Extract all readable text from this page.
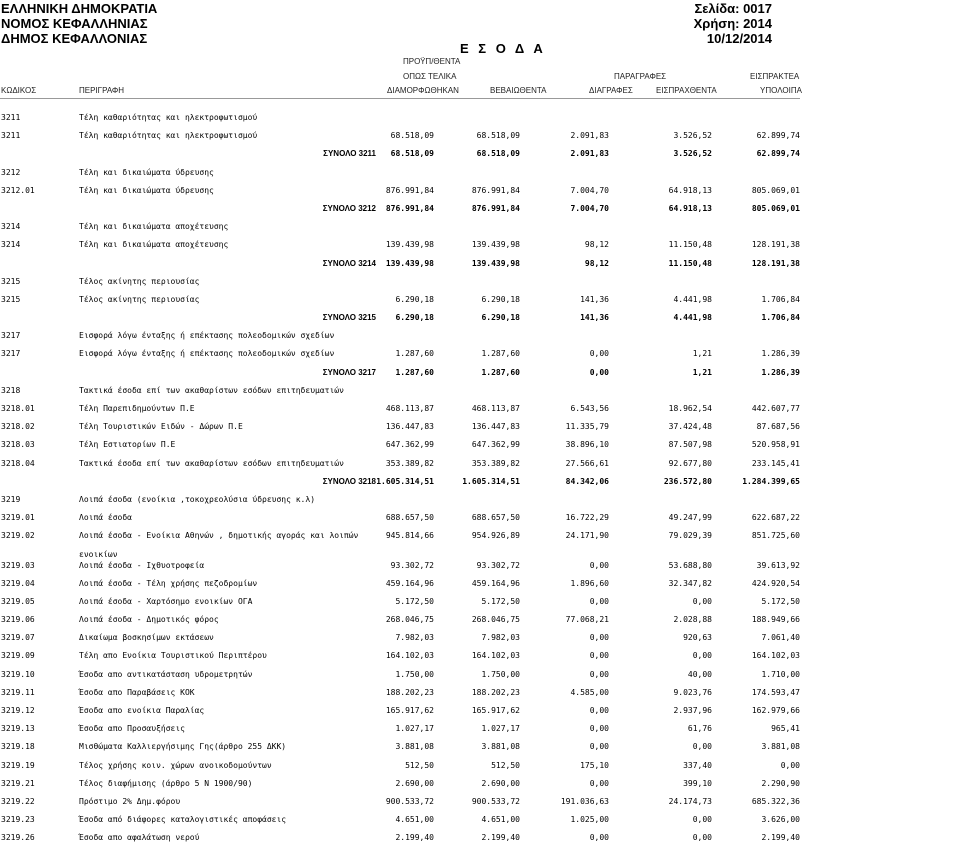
ΕΛΛΗΝΙΚΗ ΔΗΜΟΚΡΑΤΙΑ
ΝΟΜΟΣ ΚΕΦΑΛΛΗΝΙΑΣ
ΔΗΜΟΣ ΚΕΦΑΛΛΟΝΙΑΣ
Σελίδα: 0017
Χρήση: 2014
10/12/2014
Ε Σ Ο Δ Α
ΠΡΟΫΠ/ΘΕΝΤΑ
ΟΠΩΣ ΤΕΛΙΚΑ	ΠΑΡΑΓΡΑΦΕΣ	ΕΙΣΠΡΑΚΤΕΑ
ΚΩΔΙΚΟΣ	ΠΕΡΙΓΡΑΦΗ	ΔΙΑΜΟΡΦΩΘΗΚΑΝ	ΒΕΒΑΙΩΘΕΝΤΑ	ΔΙΑΓΡΑΦΕΣ	ΕΙΣΠΡΑΧΘΕΝΤΑ	ΥΠΟΛΟΙΠΑ
3211	Τέλη καθαριότητας και ηλεκτροφωτισμού
3211	Τέλη καθαριότητας και ηλεκτροφωτισμού	68.518,09	68.518,09	2.091,83	3.526,52	62.899,74
ΣΥΝΟΛΟ 3211	68.518,09	68.518,09	2.091,83	3.526,52	62.899,74
3212	Τέλη και δικαιώματα ύδρευσης
3212.01	Τέλη και δικαιώματα ύδρευσης	876.991,84	876.991,84	7.004,70	64.918,13	805.069,01
ΣΥΝΟΛΟ 3212	876.991,84	876.991,84	7.004,70	64.918,13	805.069,01
3214	Τέλη και δικαιώματα αποχέτευσης
3214	Τέλη και δικαιώματα αποχέτευσης	139.439,98	139.439,98	98,12	11.150,48	128.191,38
ΣΥΝΟΛΟ 3214	139.439,98	139.439,98	98,12	11.150,48	128.191,38
3215	Τέλος ακίνητης περιουσίας
3215	Τέλος ακίνητης περιουσίας	6.290,18	6.290,18	141,36	4.441,98	1.706,84
ΣΥΝΟΛΟ 3215	6.290,18	6.290,18	141,36	4.441,98	1.706,84
3217	Εισφορά λόγω ένταξης ή επέκτασης πολεοδομικών σχεδίων
3217	Εισφορά λόγω ένταξης ή επέκτασης πολεοδομικών σχεδίων	1.287,60	1.287,60	0,00	1,21	1.286,39
ΣΥΝΟΛΟ 3217	1.287,60	1.287,60	0,00	1,21	1.286,39
3218	Τακτικά έσοδα επί των ακαθαρίστων εσόδων επιτηδευματιών
3218.01	Τέλη Παρεπιδημούντων Π.Ε	468.113,87	468.113,87	6.543,56	18.962,54	442.607,77
3218.02	Τέλη Τουριστικών Ειδών - Δώρων Π.Ε	136.447,83	136.447,83	11.335,79	37.424,48	87.687,56
3218.03	Τέλη Εστιατορίων Π.Ε	647.362,99	647.362,99	38.896,10	87.507,98	520.958,91
3218.04	Τακτικά έσοδα επί των ακαθαρίστων εσόδων επιτηδευματιών	353.389,82	353.389,82	27.566,61	92.677,80	233.145,41
ΣΥΝΟΛΟ 3218 1.605.314,51	1.605.314,51	84.342,06	236.572,80	1.284.399,65
3219	Λοιπά έσοδα (ενοίκια ,τοκοχρεολύσια ύδρευσης κ.λ)
3219.01	Λοιπά έσοδα	688.657,50	688.657,50	16.722,29	49.247,99	622.687,22
3219.02	Λοιπά έσοδα - Ενοίκια Αθηνών , δημοτικής αγοράς και λοιπών	945.814,66	954.926,89	24.171,90	79.029,39	851.725,60
ενοικίων
3219.03	Λοιπά έσοδα - Ιχθυοτροφεία	93.302,72	93.302,72	0,00	53.688,80	39.613,92
3219.04	Λοιπά έσοδα - Τέλη χρήσης πεζοδρομίων	459.164,96	459.164,96	1.896,60	32.347,82	424.920,54
3219.05	Λοιπά έσοδα - Χαρτόσημο ενοικίων ΟΓΑ	5.172,50	5.172,50	0,00	0,00	5.172,50
3219.06	Λοιπά έσοδα - Δημοτικός φόρος	268.046,75	268.046,75	77.068,21	2.028,88	188.949,66
3219.07	Δικαίωμα βοσκησίμων εκτάσεων	7.982,03	7.982,03	0,00	920,63	7.061,40
3219.09	Τέλη απο Ενοίκια Τουριστικού Περιπτέρου	164.102,03	164.102,03	0,00	0,00	164.102,03
3219.10	Έσοδα απο αντικατάσταση υδρομετρητών	1.750,00	1.750,00	0,00	40,00	1.710,00
3219.11	Έσοδα απο Παραβάσεις ΚΟΚ	188.202,23	188.202,23	4.585,00	9.023,76	174.593,47
3219.12	Έσοδα απο ενοίκια Παραλίας	165.917,62	165.917,62	0,00	2.937,96	162.979,66
3219.13	Έσοδα απο Προσαυξήσεις	1.027,17	1.027,17	0,00	61,76	965,41
3219.18	Μισθώματα Καλλιεργήσιμης Γης(άρθρο 255 ΔΚΚ)	3.881,08	3.881,08	0,00	0,00	3.881,08
3219.19	Τέλος χρήσης κοιν. χώρων ανοικοδομούντων	512,50	512,50	175,10	337,40	0,00
3219.21	Τέλος διαφήμισης (άρθρο 5 Ν 1900/90)	2.690,00	2.690,00	0,00	399,10	2.290,90
3219.22	Πρόστιμο 2% Δημ.φόρου	900.533,72	900.533,72	191.036,63	24.174,73	685.322,36
3219.23	Έσοδα από διάφορες καταλογιστικές αποφάσεις	4.651,00	4.651,00	1.025,00	0,00	3.626,00
3219.26	Έσοδα απο αφαλάτωση νερού	2.199,40	2.199,40	0,00	0,00	2.199,40
